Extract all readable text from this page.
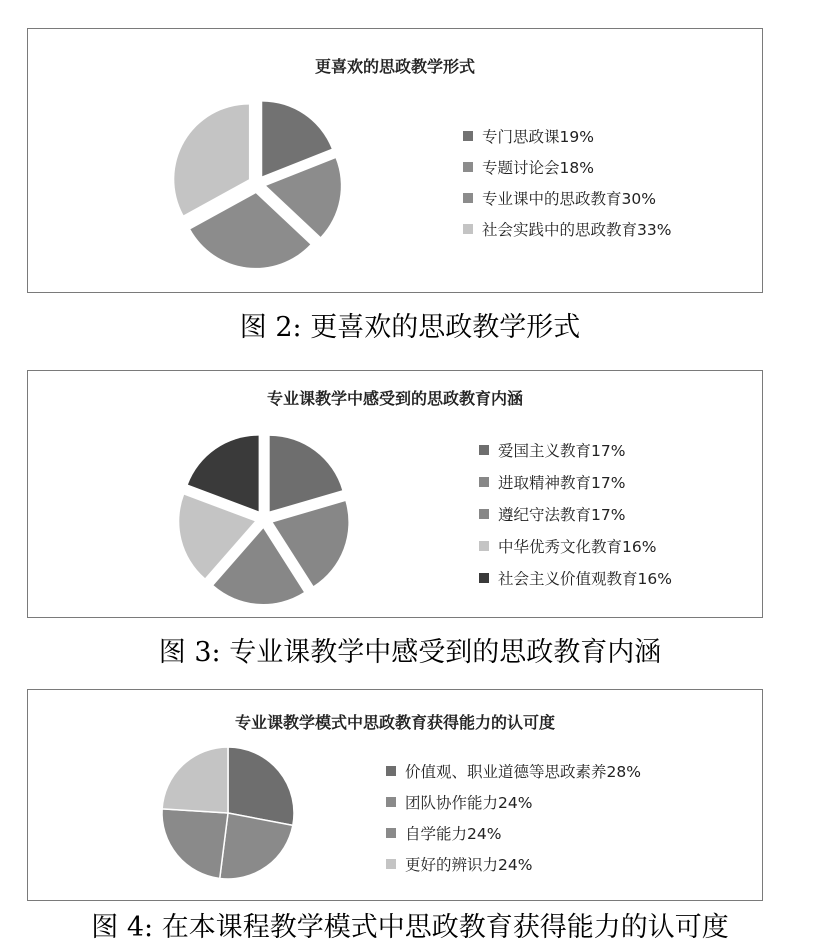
更喜欢的思政教学形式
专门思政课19%
专题讨论会18%
专业课中的思政教育30%
社会实践中的思政教育33%
图 2: 更喜欢的思政教学形式
专业课教学中感受到的思政教育内涵
爱国主义教育17%
进取精神教育17%
遵纪守法教育17%
中华优秀文化教育16%
社会主义价值观教育16%
图 3: 专业课教学中感受到的思政教育内涵
专业课教学模式中思政教育获得能力的认可度
价值观、职业道德等思政素养28%
团队协作能力24%
自学能力24%
更好的辨识力24%
图 4: 在本课程教学模式中思政教育获得能力的认可度
